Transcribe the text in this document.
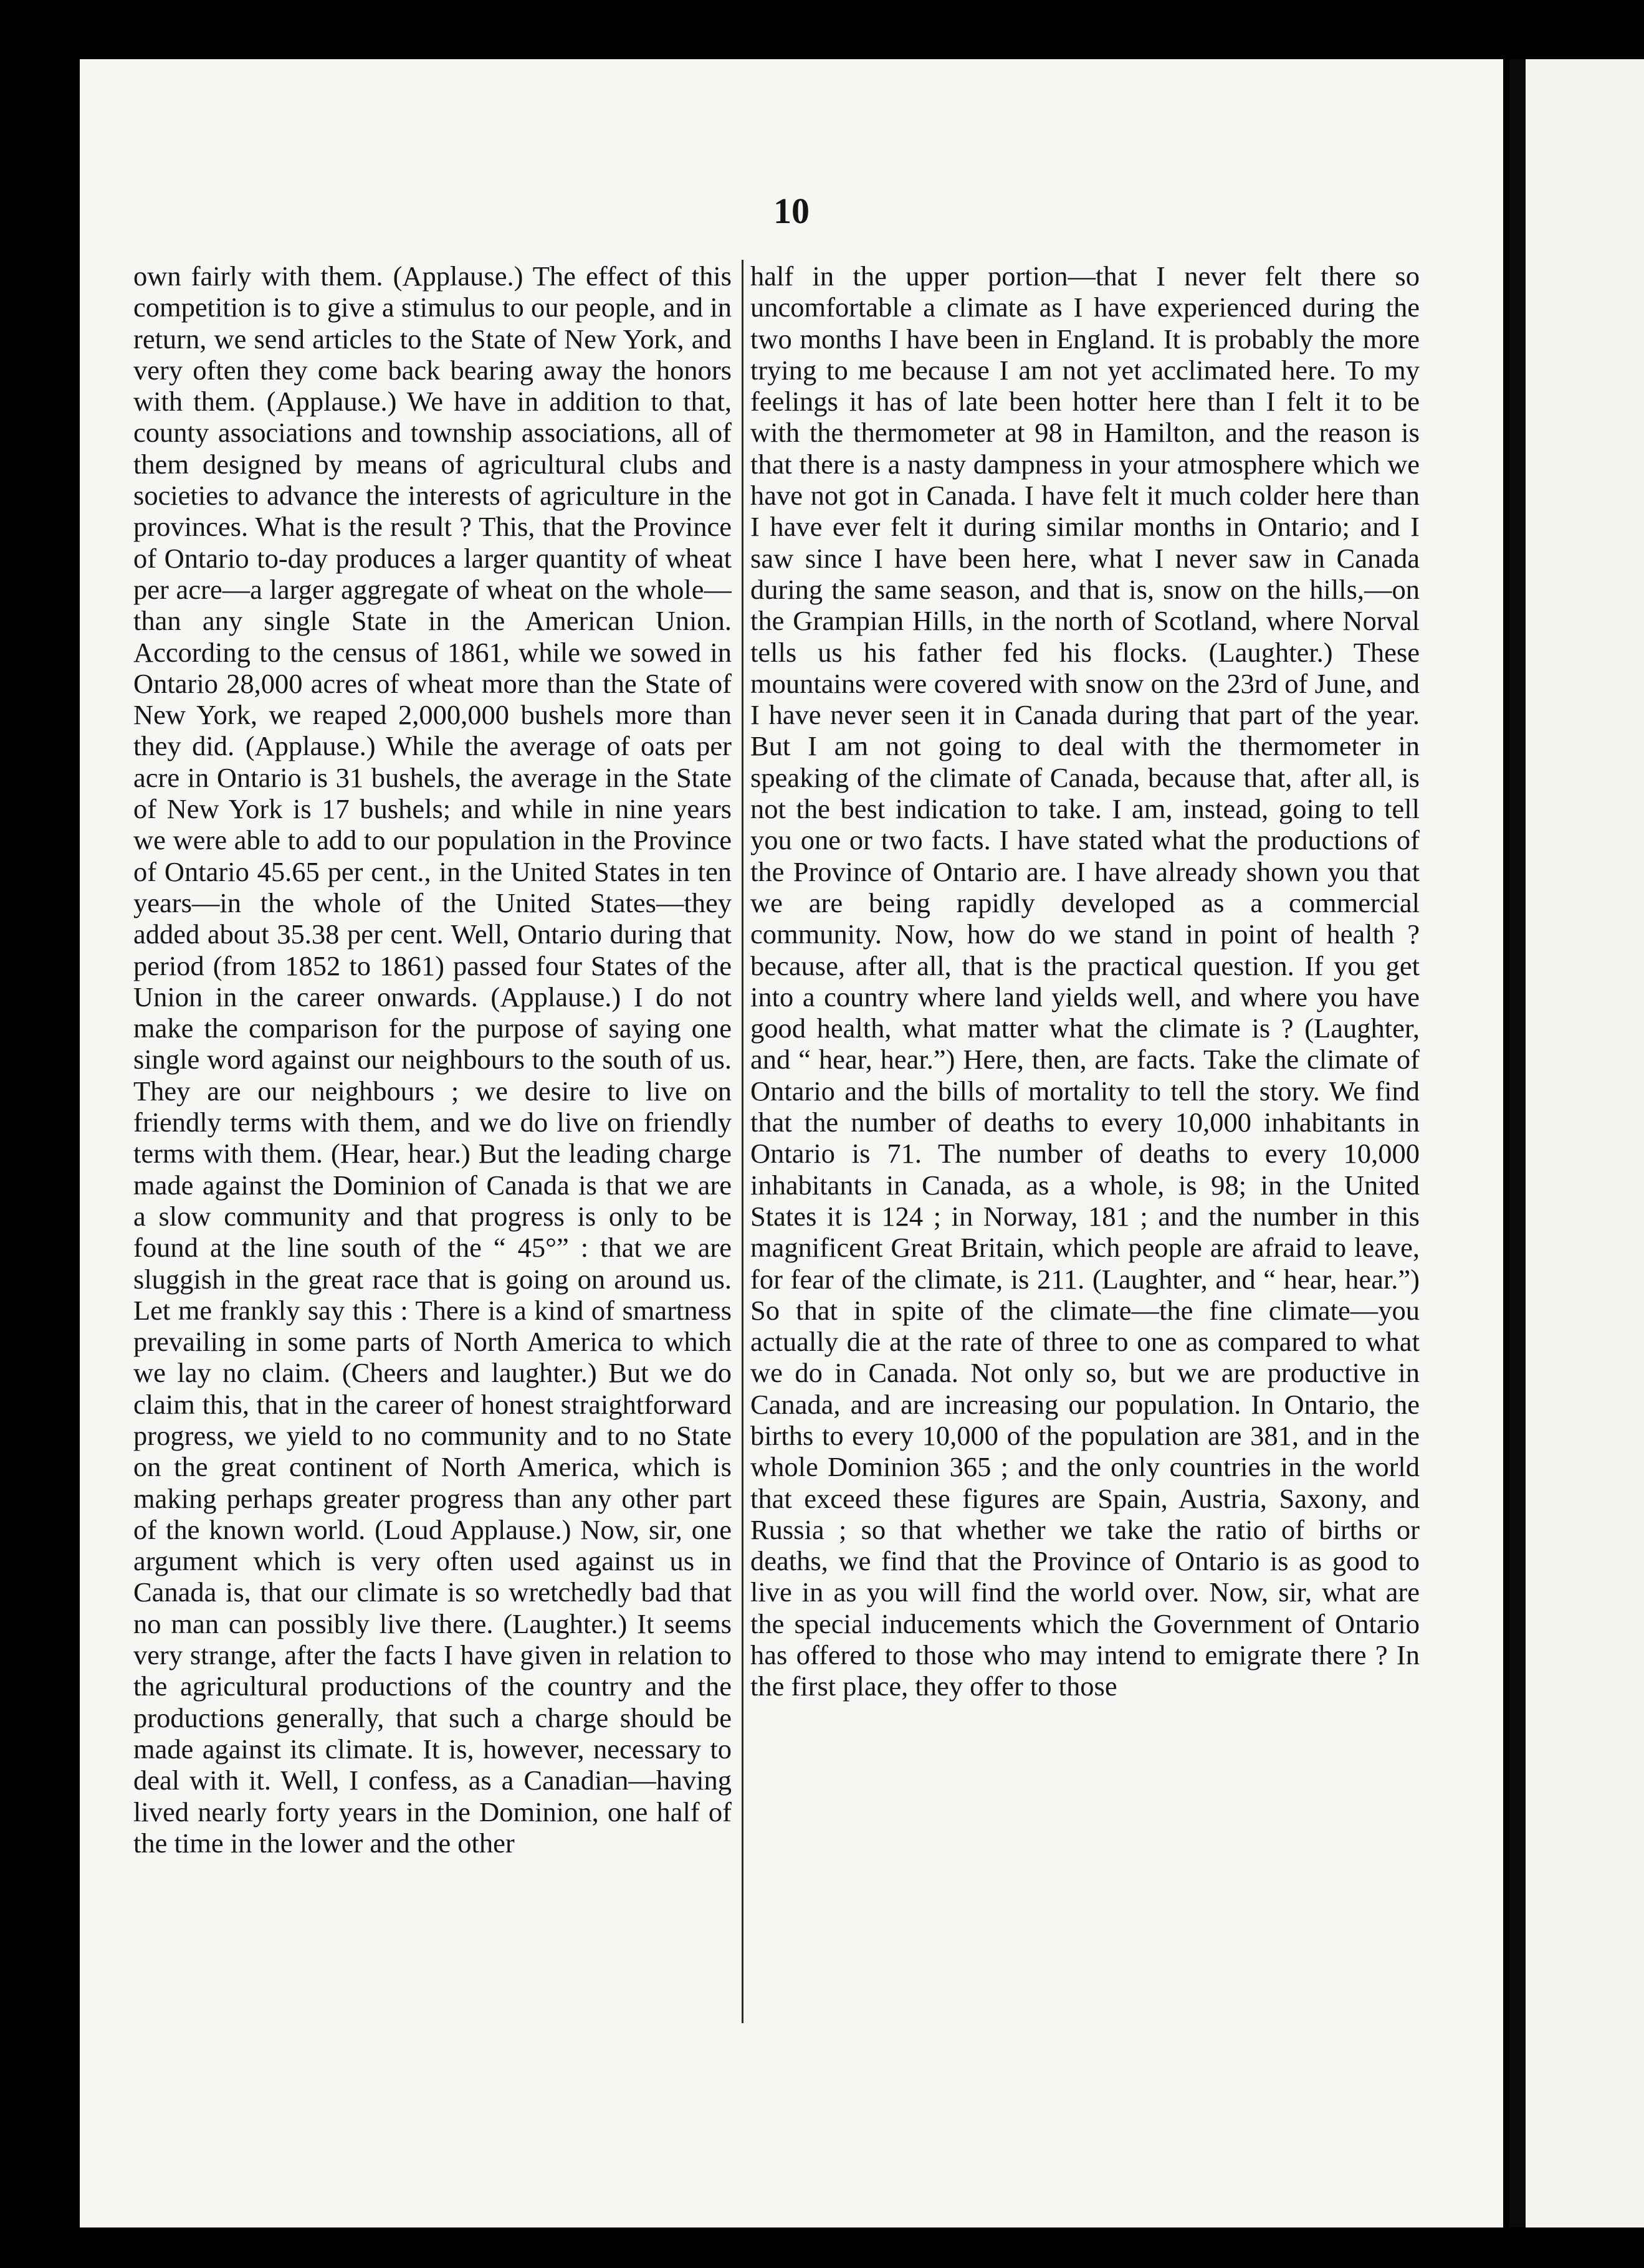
10

own fairly with them. (Applause.) The effect of this competition is to give a stimulus to our people, and in return, we send articles to the State of New York, and very often they come back bearing away the honors with them. (Applause.) We have in addition to that, county associations and township associations, all of them designed by means of agricultural clubs and societies to advance the interests of agriculture in the provinces. What is the result ? This, that the Province of Ontario to-day produces a larger quantity of wheat per acre—a larger aggregate of wheat on the whole—than any single State in the American Union. According to the census of 1861, while we sowed in Ontario 28,000 acres of wheat more than the State of New York, we reaped 2,000,000 bushels more than they did. (Applause.) While the average of oats per acre in Ontario is 31 bushels, the average in the State of New York is 17 bushels; and while in nine years we were able to add to our population in the Province of Ontario 45.65 per cent., in the United States in ten years—in the whole of the United States—they added about 35.38 per cent. Well, Ontario during that period (from 1852 to 1861) passed four States of the Union in the career onwards. (Applause.) I do not make the comparison for the purpose of saying one single word against our neighbours to the south of us. They are our neighbours ; we desire to live on friendly terms with them, and we do live on friendly terms with them. (Hear, hear.) But the leading charge made against the Dominion of Canada is that we are a slow community and that progress is only to be found at the line south of the “ 45°” : that we are sluggish in the great race that is going on around us. Let me frankly say this : There is a kind of smartness prevailing in some parts of North America to which we lay no claim. (Cheers and laughter.) But we do claim this, that in the career of honest straightforward progress, we yield to no community and to no State on the great continent of North America, which is making perhaps greater progress than any other part of the known world. (Loud Applause.) Now, sir, one argument which is very often used against us in Canada is, that our climate is so wretchedly bad that no man can possibly live there. (Laughter.) It seems very strange, after the facts I have given in relation to the agricultural productions of the country and the productions generally, that such a charge should be made against its climate. It is, however, necessary to deal with it. Well, I confess, as a Canadian—having lived nearly forty years in the Dominion, one half of the time in the lower and the other

half in the upper portion—that I never felt there so uncomfortable a climate as I have experienced during the two months I have been in England. It is probably the more trying to me because I am not yet acclimated here. To my feelings it has of late been hotter here than I felt it to be with the thermometer at 98 in Hamilton, and the reason is that there is a nasty dampness in your atmosphere which we have not got in Canada. I have felt it much colder here than I have ever felt it during similar months in Ontario; and I saw since I have been here, what I never saw in Canada during the same season, and that is, snow on the hills,—on the Grampian Hills, in the north of Scotland, where Norval tells us his father fed his flocks. (Laughter.) These mountains were covered with snow on the 23rd of June, and I have never seen it in Canada during that part of the year. But I am not going to deal with the thermometer in speaking of the climate of Canada, because that, after all, is not the best indication to take. I am, instead, going to tell you one or two facts. I have stated what the productions of the Province of Ontario are. I have already shown you that we are being rapidly developed as a commercial community. Now, how do we stand in point of health ? because, after all, that is the practical question. If you get into a country where land yields well, and where you have good health, what matter what the climate is ? (Laughter, and “ hear, hear.”) Here, then, are facts. Take the climate of Ontario and the bills of mortality to tell the story. We find that the number of deaths to every 10,000 inhabitants in Ontario is 71. The number of deaths to every 10,000 inhabitants in Canada, as a whole, is 98; in the United States it is 124 ; in Norway, 181 ; and the number in this magnificent Great Britain, which people are afraid to leave, for fear of the climate, is 211. (Laughter, and “ hear, hear.”) So that in spite of the climate—the fine climate—you actually die at the rate of three to one as compared to what we do in Canada. Not only so, but we are productive in Canada, and are increasing our population. In Ontario, the births to every 10,000 of the population are 381, and in the whole Dominion 365 ; and the only countries in the world that exceed these figures are Spain, Austria, Saxony, and Russia ; so that whether we take the ratio of births or deaths, we find that the Province of Ontario is as good to live in as you will find the world over. Now, sir, what are the special inducements which the Government of Ontario has offered to those who may intend to emigrate there ? In the first place, they offer to those
